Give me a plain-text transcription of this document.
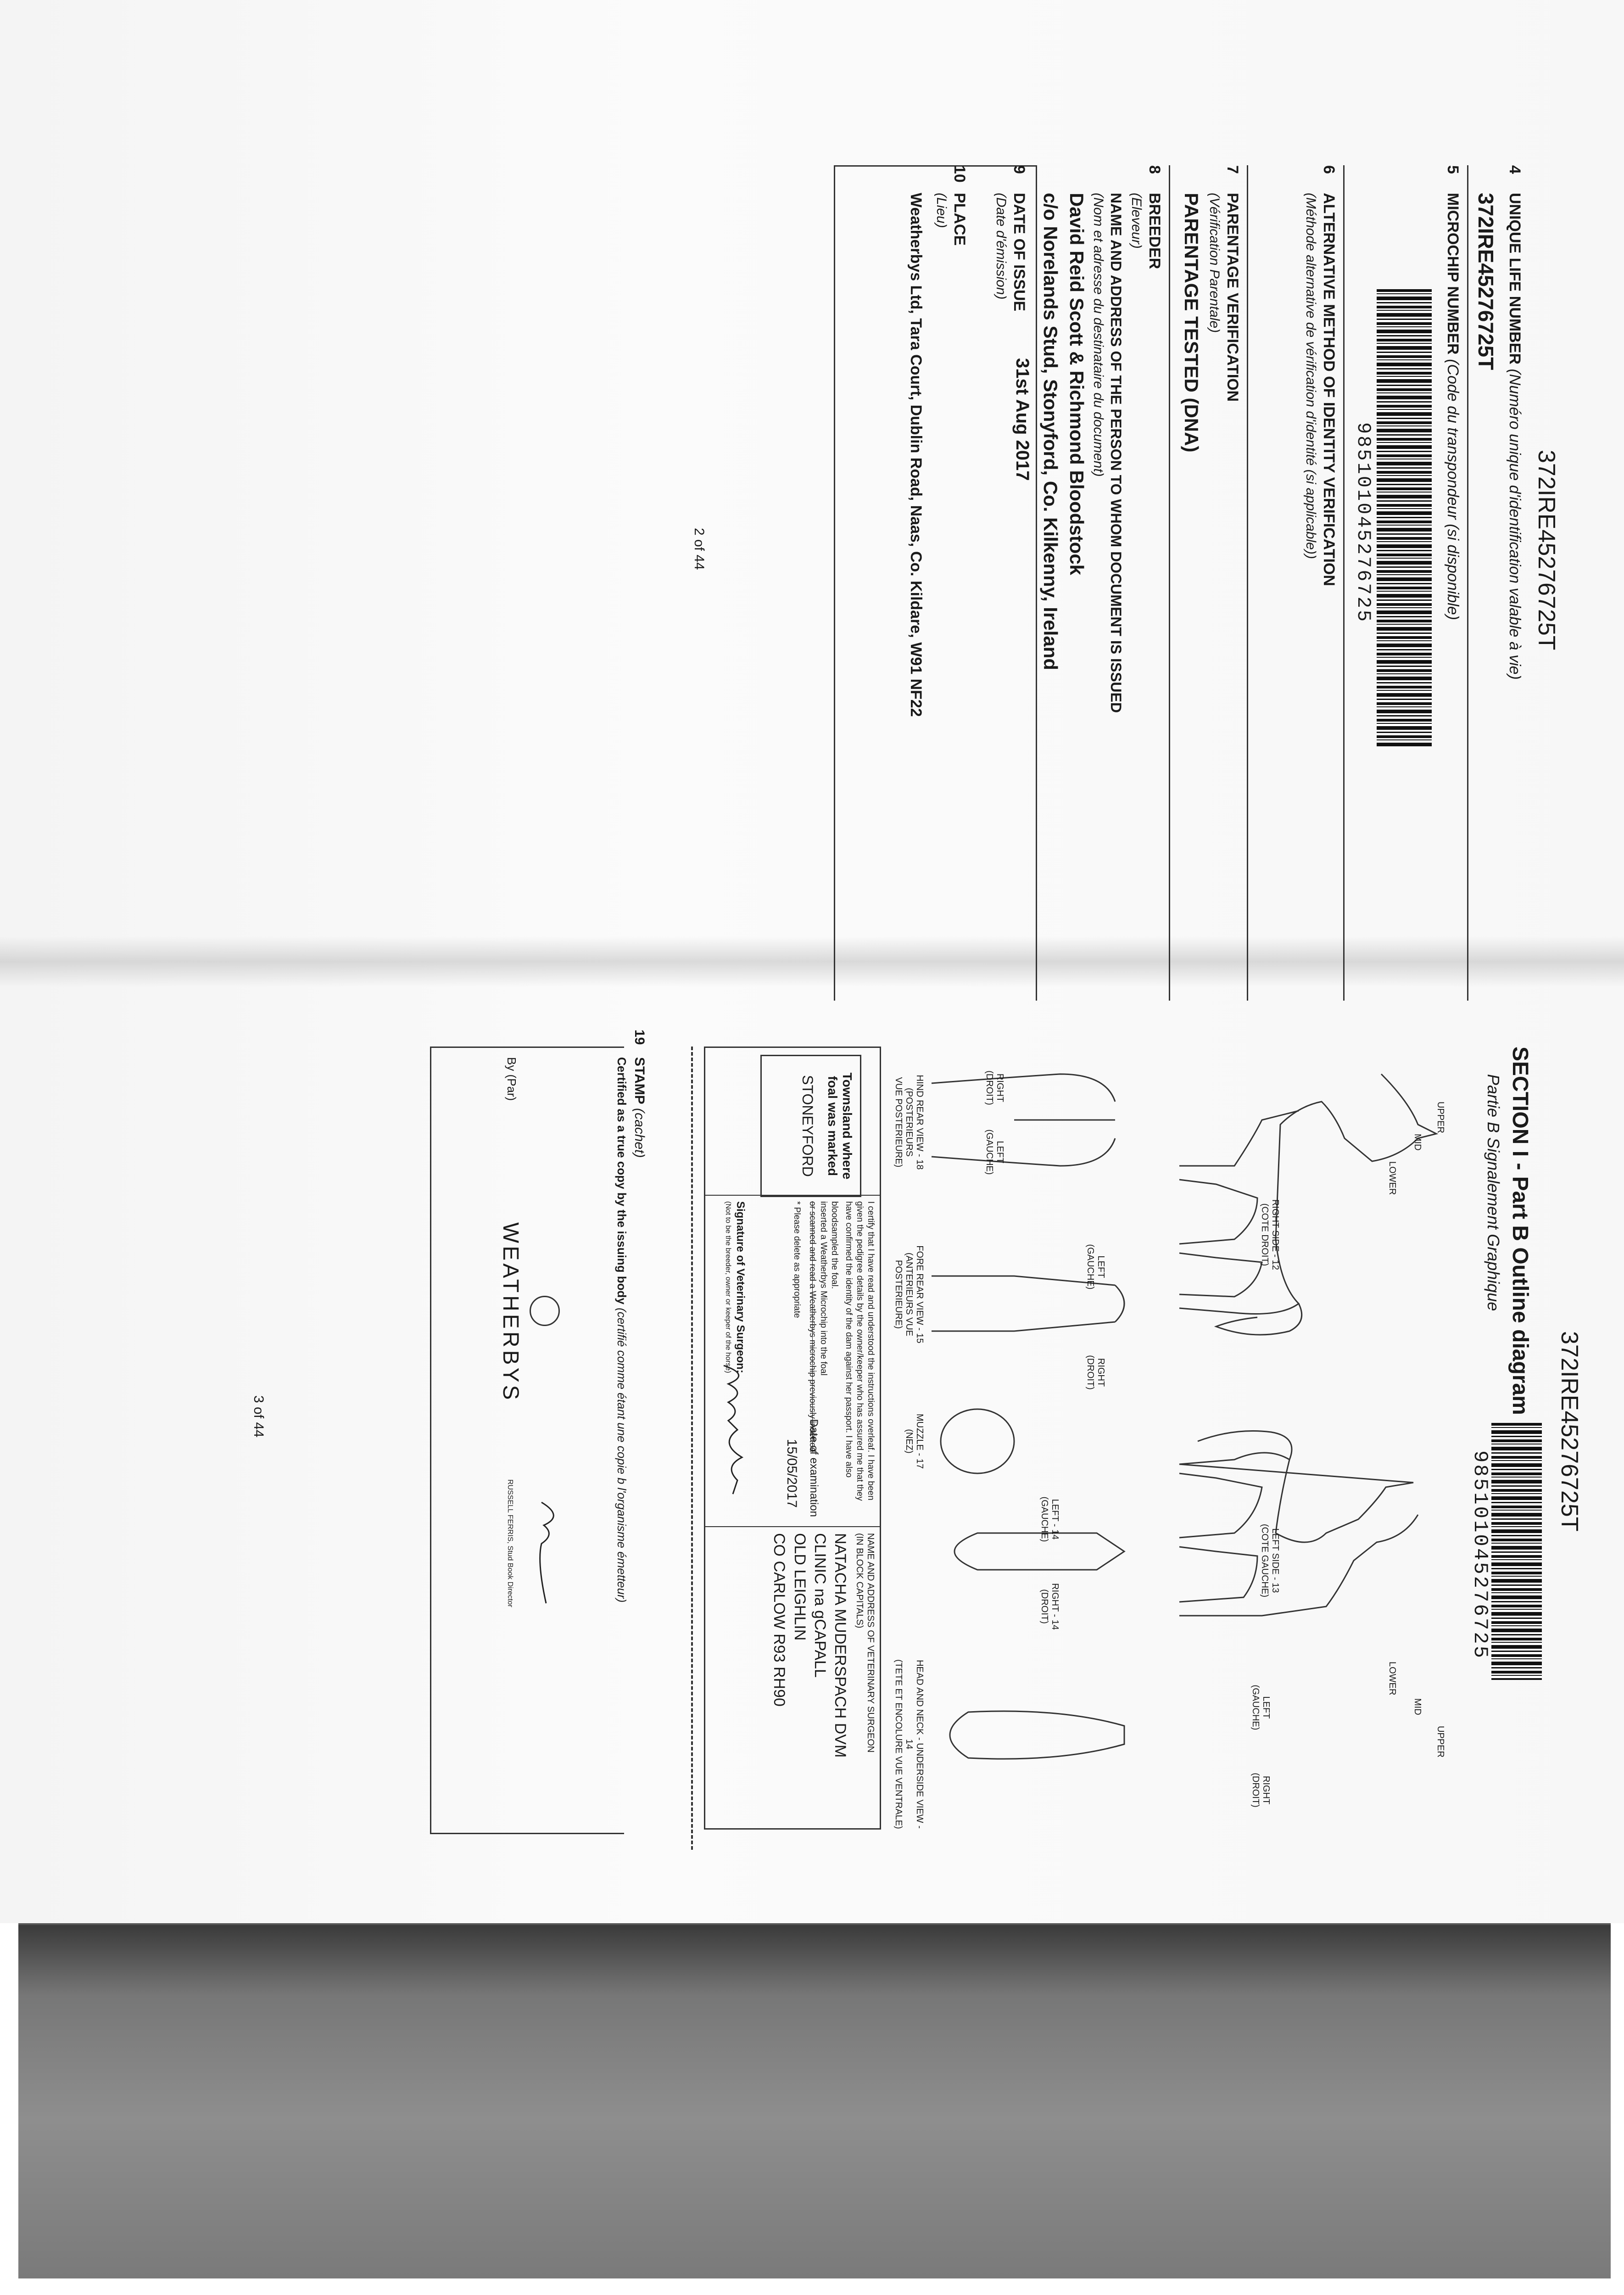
372IRE45276725T
4
UNIQUE LIFE NUMBER (Numéro unique d'identification valable à vie)
372IRE45276725T
5
MICROCHIP NUMBER (Code du transpondeur (si disponible)
985101045276725
6
ALTERNATIVE METHOD OF IDENTITY VERIFICATION
(Méthode alternative de vérification d'identité (si applicable))
7
PARENTAGE VERIFICATION
(Vérification Parentale)
PARENTAGE TESTED (DNA)
8
BREEDER
(Eleveur)
NAME AND ADDRESS OF THE PERSON TO WHOM DOCUMENT IS ISSUED
(Nom et adresse du destinataire du document)
David Reid Scott & Richmond Bloodstock
c/o Norelands Stud, Stonyford, Co. Kilkenny, Ireland
9
DATE OF ISSUE
31st Aug 2017
(Date d'émission)
10
PLACE
(Lieu)
Weatherbys Ltd, Tara Court, Dublin Road, Naas, Co. Kildare, W91 NF22
2 of 44
372IRE45276725T
SECTION I - Part B Outline diagram
Partie B Signalement Graphique
985101045276725
UPPER
MID
LOWER
UPPER
MID
LOWER
RIGHT SIDE - 12
(COTE DROIT)
LEFT SIDE - 13
(COTE GAUCHE)
RIGHT
(DROIT)
LEFT
(GAUCHE)
RIGHT
(DROIT)
LEFT
(GAUCHE)
LEFT
(GAUCHE)
RIGHT
(DROIT)
RIGHT - 14
(DROIT)
LEFT - 14
(GAUCHE)
HEAD AND NECK - UNDERSIDE VIEW - 14
(TETE ET ENCOLURE VUE VENTRALE)
MUZZLE - 17
(NEZ)
FORE REAR VIEW - 15
(ANTERIEURS VUE POSTERIEURE)
HIND REAR VIEW - 18 (POSTERIEURS
VUE POSTERIEURE)
Townsland where foal was marked
STONEYFORD
I certify that I have read and understood the instructions overleaf. I have been given the pedigree details by the owner/keeper who has assured me that they have confirmed the identity of the dam against her passport. I have also
bloodsampled the foal.
inserted a Weatherbys Microchip into the foal
or scanned and read a Weatherbys microchip previously inserted
* Please delete as appropriate
Date of examination
15/05/2017
Signature of Veterinary Surgeon:
(Not to be the breeder, owner or keeper of the horse)
NAME AND ADDRESS OF VETERINARY SURGEON
(IN BLOCK CAPITALS)
NATACHA MUDERSPACH DVM
CLINIC na gCAPALL
OLD LEIGHLIN
CO CARLOW R93 RH90
19
STAMP (cachet)
Certified as a true copy by the issuing body (certifié comme étant une copie b l'organisme émetteur)
By (Par)
WEATHERBYS
RUSSELL FERRIS, Stud Book Director
3 of 44
